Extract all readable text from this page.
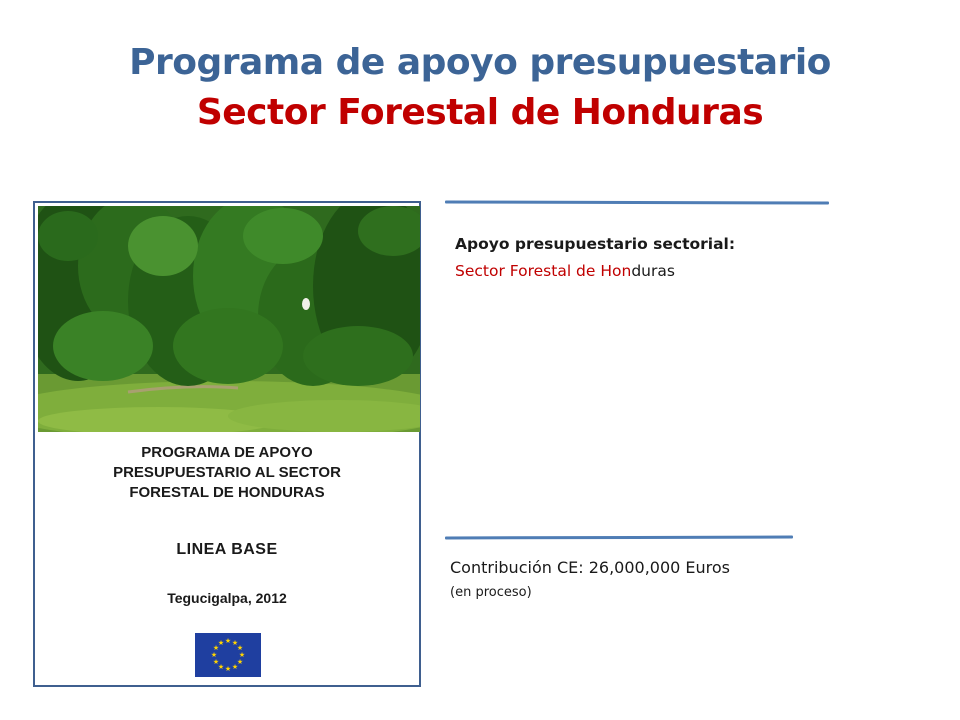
Programa de apoyo presupuestario
Sector Forestal de Honduras
PROGRAMA DE APOYO
PRESUPUESTARIO AL SECTOR
FORESTAL DE HONDURAS
LINEA BASE
Tegucigalpa, 2012
★ ★
★
★
★
★
★
★
★
★
★
★
Apoyo presupuestario sectorial:
Sector Forestal de Honduras
Contribución CE: 26,000,000 Euros
(en proceso)
